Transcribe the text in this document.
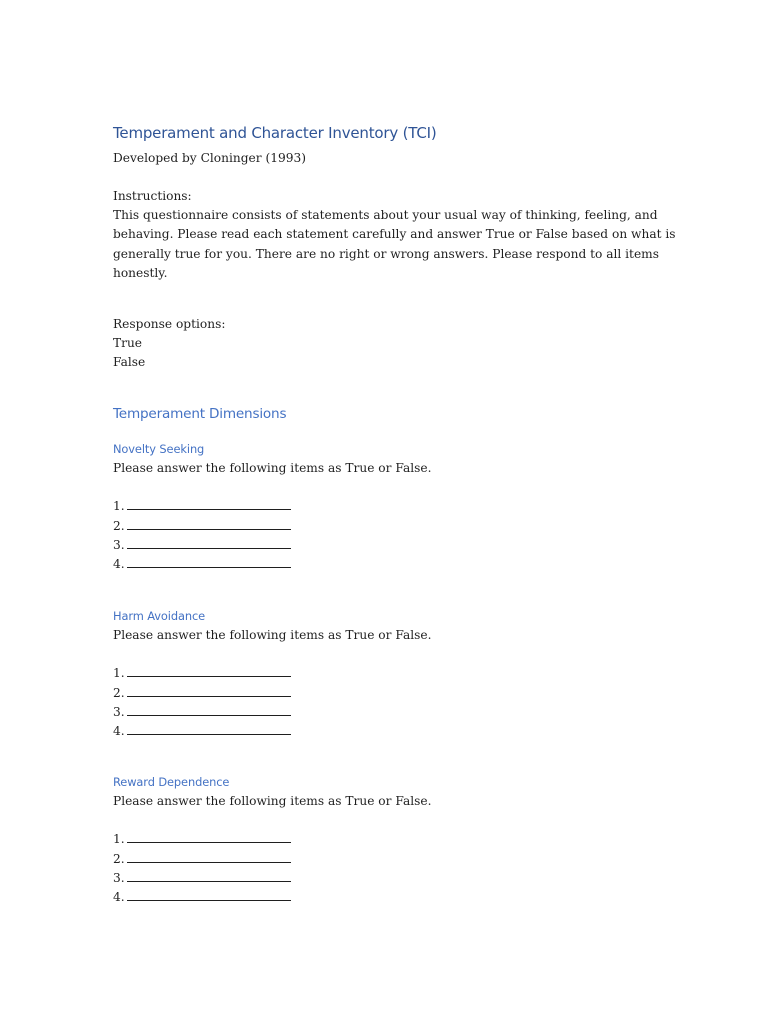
Temperament and Character Inventory (TCI)
Developed by Cloninger (1993)
Instructions:
This questionnaire consists of statements about your usual way of thinking, feeling, and
behaving. Please read each statement carefully and answer True or False based on what is
generally true for you. There are no right or wrong answers. Please respond to all items
honestly.
Response options:
True
False
Temperament Dimensions
Novelty Seeking
Please answer the following items as True or False.
1.
2.
3.
4.
Harm Avoidance
Please answer the following items as True or False.
1.
2.
3.
4.
Reward Dependence
Please answer the following items as True or False.
1.
2.
3.
4.
